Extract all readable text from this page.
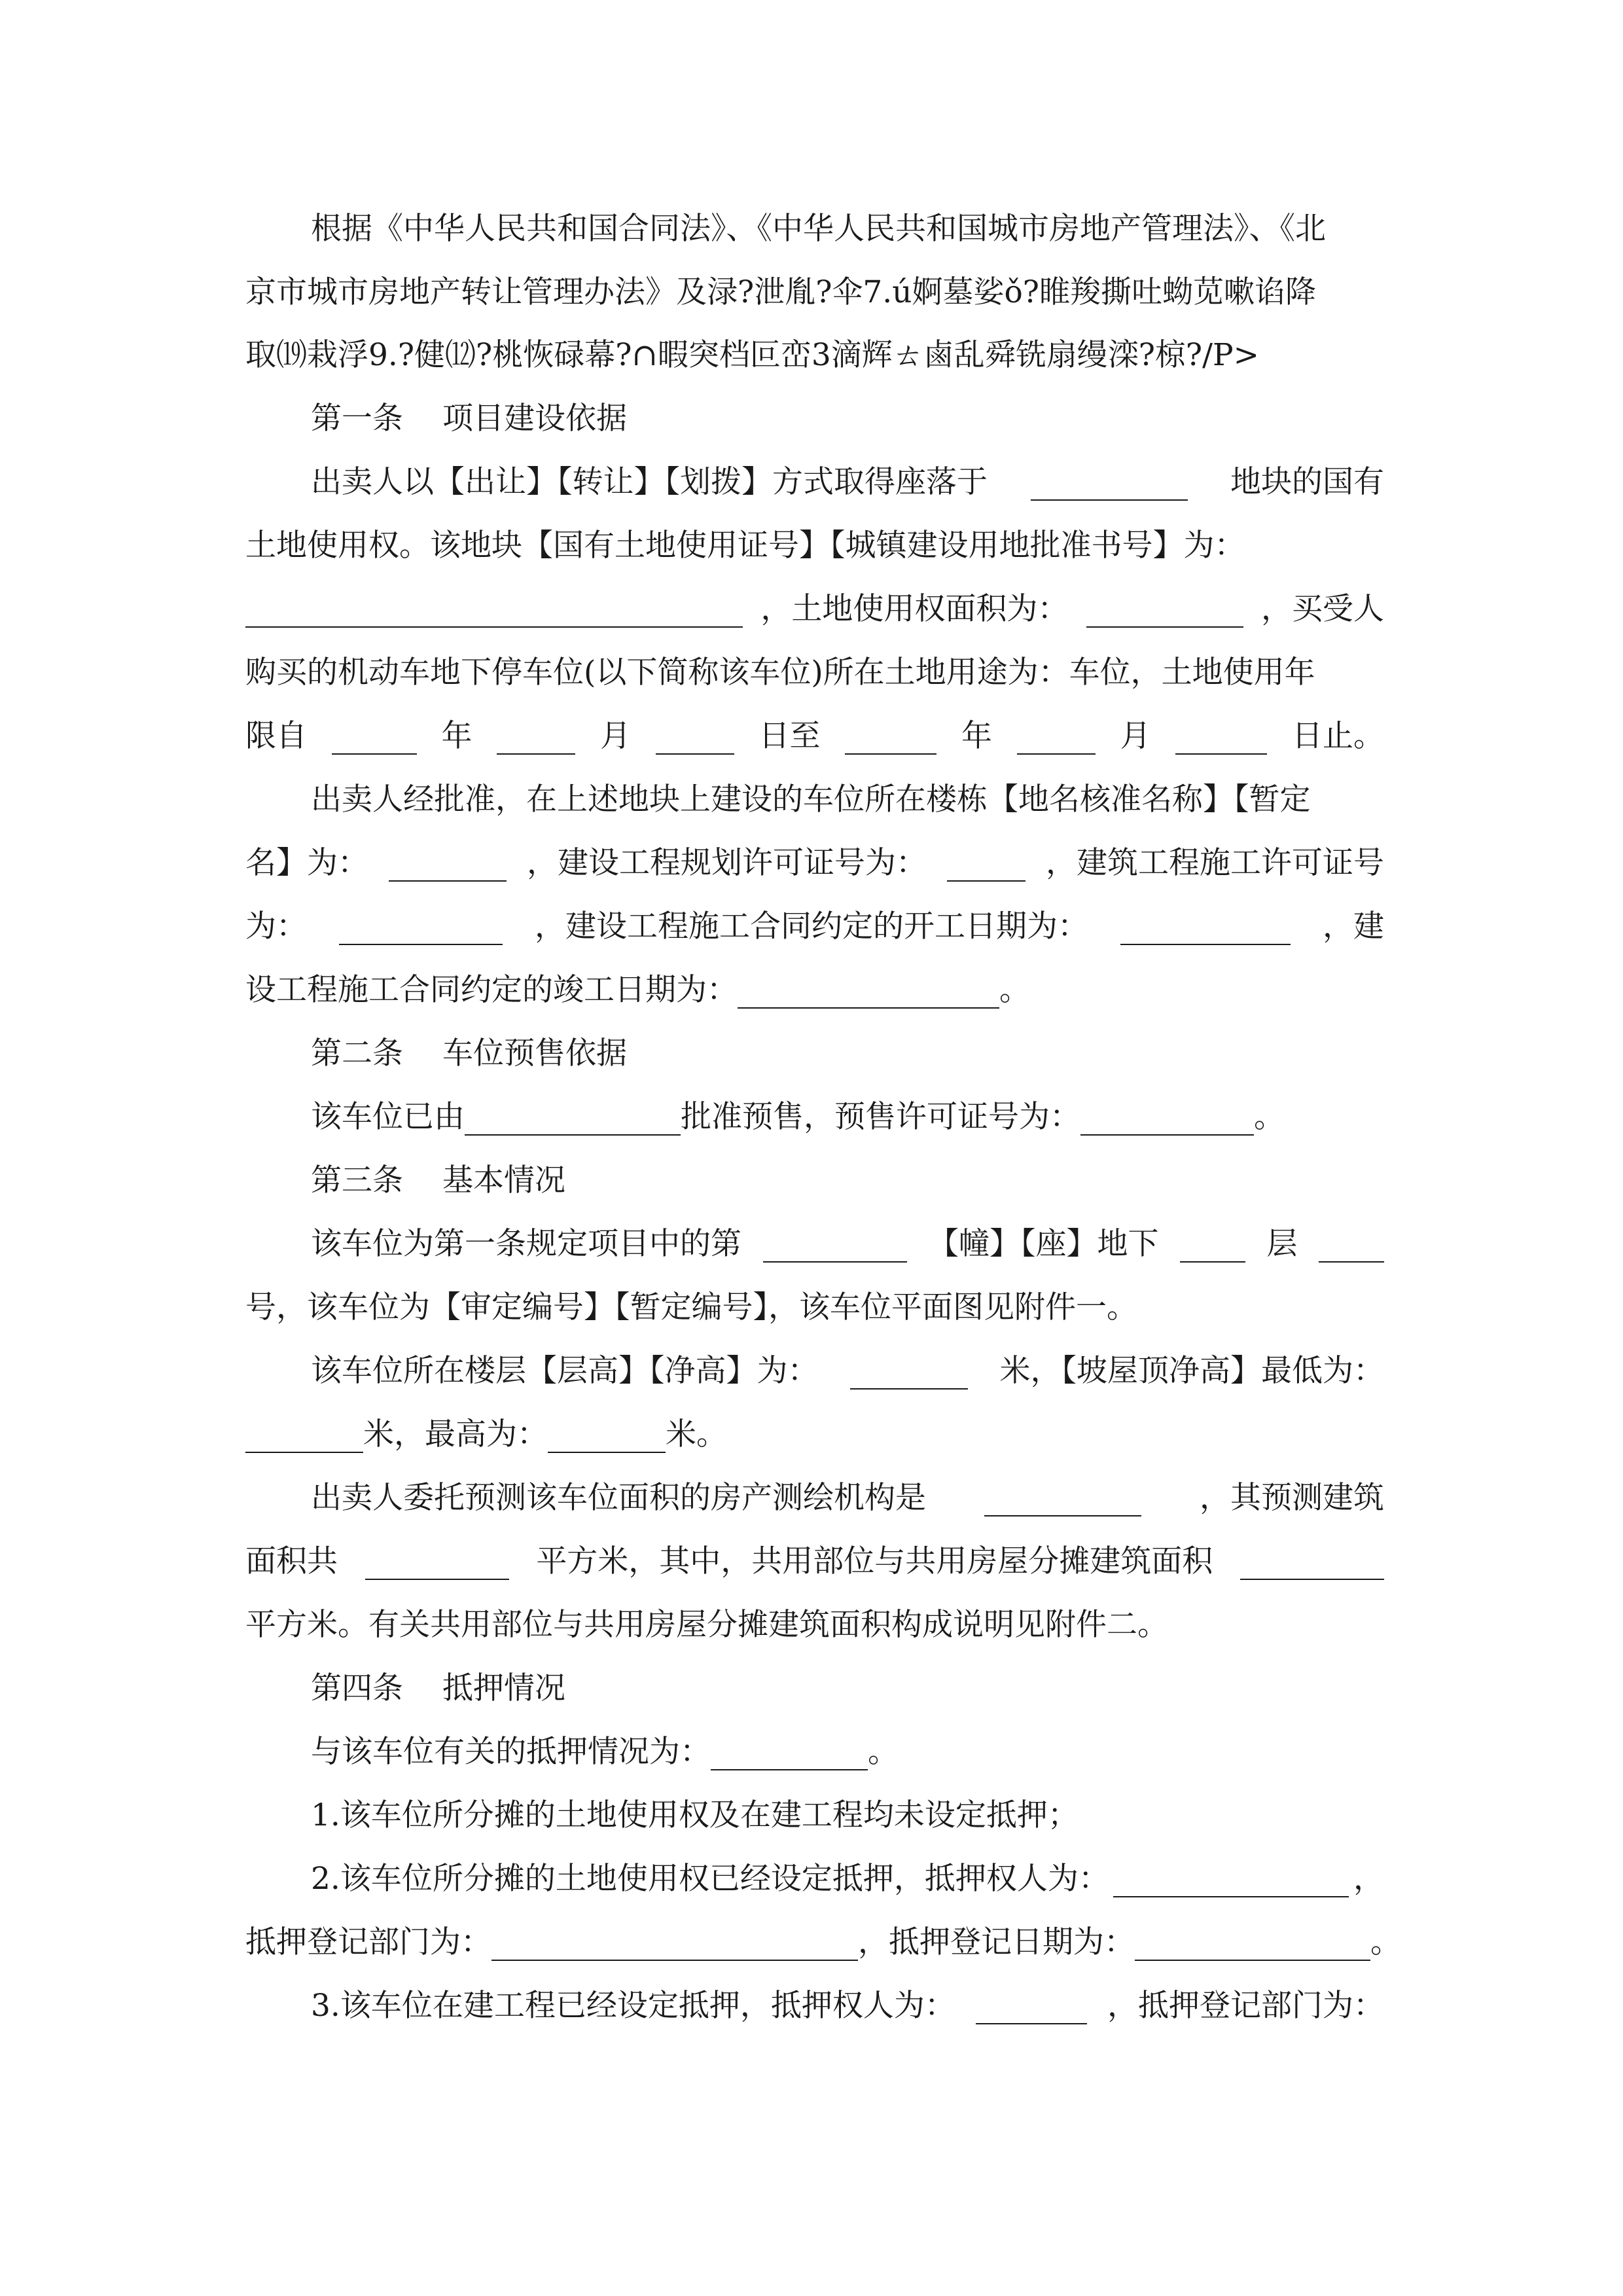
根据《中华人民共和国合同法》、《中华人民共和国城市房地产管理法》、《北
京市城市房地产转让管理办法》及渌?泄胤?伞7.ú婀墓娑ǒ?睢羧撕吐蚴苋嗽谄降
取⒆栽浮9.?健⑿?桃恢碌幕?∩暇突档叵峦3滴辉ㄊ鹵乱舜铣扇缦滦?椋?/P>
第一条 项目建设依据
出卖人以【出让】【转让】【划拨】方式取得座落于	地块的国有
土地使用权。该地块【国有土地使用证号】【城镇建设用地批准书号】为：
，土地使用权面积为：	，买受人
购买的机动车地下停车位(以下简称该车位)所在土地用途为：车位，土地使用年
限自	年	月	日至	年	月	日止。
出卖人经批准，在上述地块上建设的车位所在楼栋【地名核准名称】【暂定
名】为：	，建设工程规划许可证号为：	，建筑工程施工许可证号
为：	，建设工程施工合同约定的开工日期为：	，建
设工程施工合同约定的竣工日期为：	。
第二条 车位预售依据
该车位已由	批准预售，预售许可证号为：	。
第三条 基本情况
该车位为第一条规定项目中的第	【幢】【座】地下	层
号，该车位为【审定编号】【暂定编号】，该车位平面图见附件一。
该车位所在楼层【层高】【净高】为：	米，【坡屋顶净高】最低为：
米，最高为：	米。
出卖人委托预测该车位面积的房产测绘机构是	，其预测建筑
面积共	平方米，其中，共用部位与共用房屋分摊建筑面积
平方米。有关共用部位与共用房屋分摊建筑面积构成说明见附件二。
第四条 抵押情况
与该车位有关的抵押情况为：	。
1.该车位所分摊的土地使用权及在建工程均未设定抵押；
2.该车位所分摊的土地使用权已经设定抵押，抵押权人为：	，
抵押登记部门为：	，抵押登记日期为：	。
3.该车位在建工程已经设定抵押，抵押权人为：	，抵押登记部门为：
